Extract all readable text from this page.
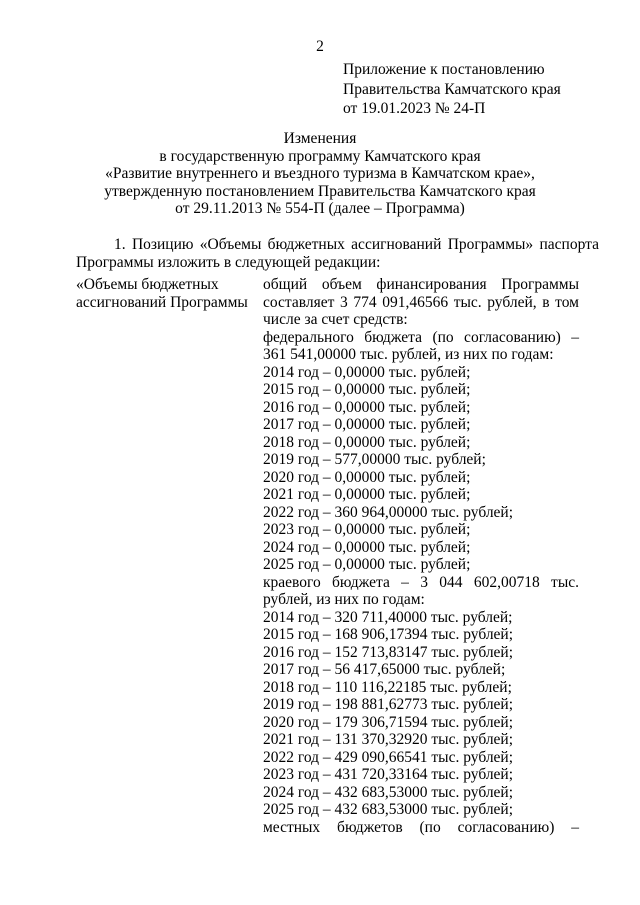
2
Приложение к постановлению
Правительства Камчатского края
от 19.01.2023 № 24-П
Изменения
в государственную программу Камчатского края
«Развитие внутреннего и въездного туризма в Камчатском крае»,
утвержденную постановлением Правительства Камчатского края
от 29.11.2013 № 554-П (далее – Программа)
1. Позицию «Объемы бюджетных ассигнований Программы» паспорта Программы изложить в следующей редакции:
«Объемы бюджетных
ассигнований Программы
общий объем финансирования Программы составляет 3 774 091,46566 тыс. рублей, в том числе за счет средств:
федерального бюджета (по согласованию) – 361 541,00000 тыс. рублей, из них по годам:
2014 год – 0,00000 тыс. рублей;
2015 год – 0,00000 тыс. рублей;
2016 год – 0,00000 тыс. рублей;
2017 год – 0,00000 тыс. рублей;
2018 год – 0,00000 тыс. рублей;
2019 год – 577,00000 тыс. рублей;
2020 год – 0,00000 тыс. рублей;
2021 год – 0,00000 тыс. рублей;
2022 год – 360 964,00000 тыс. рублей;
2023 год – 0,00000 тыс. рублей;
2024 год – 0,00000 тыс. рублей;
2025 год – 0,00000 тыс. рублей;
краевого бюджета – 3 044 602,00718 тыс. рублей, из них по годам:
2014 год – 320 711,40000 тыс. рублей;
2015 год – 168 906,17394 тыс. рублей;
2016 год – 152 713,83147 тыс. рублей;
2017 год – 56 417,65000 тыс. рублей;
2018 год – 110 116,22185 тыс. рублей;
2019 год – 198 881,62773 тыс. рублей;
2020 год – 179 306,71594 тыс. рублей;
2021 год – 131 370,32920 тыс. рублей;
2022 год – 429 090,66541 тыс. рублей;
2023 год – 431 720,33164 тыс. рублей;
2024 год – 432 683,53000 тыс. рублей;
2025 год – 432 683,53000 тыс. рублей;
местных бюджетов (по согласованию) –
